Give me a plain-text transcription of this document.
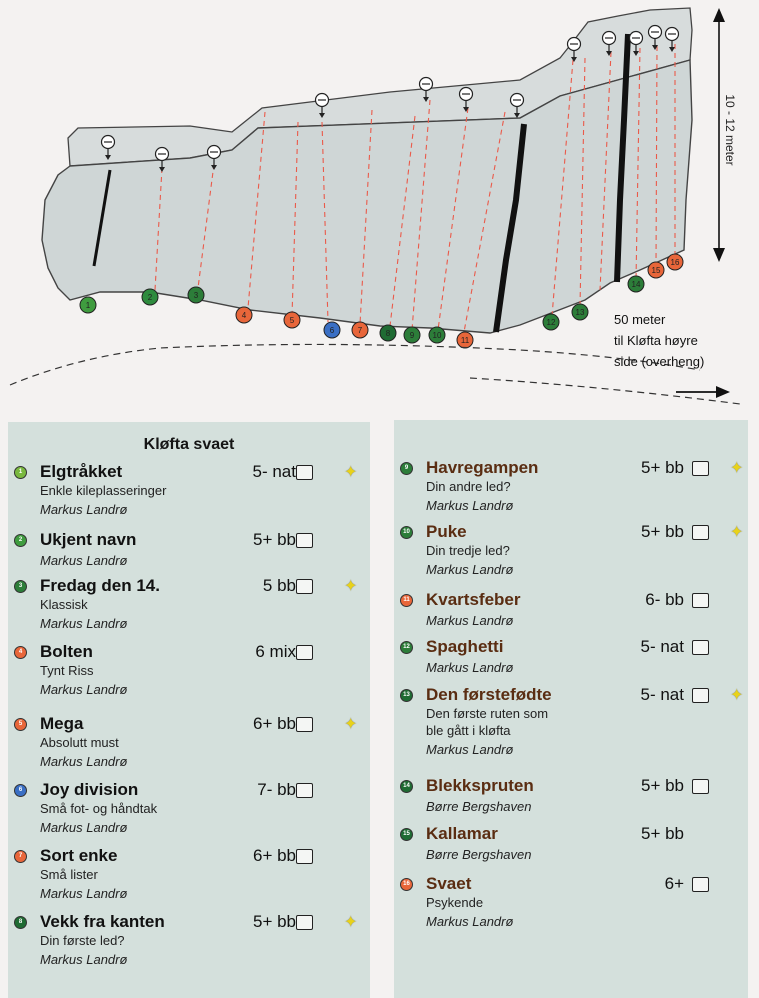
1
2	3
4
5
6	7	8 9 10
11
12
13
14
15
16
10 - 12 meter
50 meter
til Kløfta høyre
side (overheng)
Kløfta svaet
1 Elgtråkket	5- nat	✦
Enkle kileplasseringer
Markus Landrø
2 Ukjent navn	5+ bb
Markus Landrø
3 Fredag den 14.	5 bb	✦
Klassisk
Markus Landrø
4 Bolten	6 mix
Tynt Riss
Markus Landrø
5 Mega	6+ bb	✦
Absolutt must
Markus Landrø
6 Joy division	7- bb
Små fot- og håndtak
Markus Landrø
7 Sort enke	6+ bb
Små lister
Markus Landrø
8 Vekk fra kanten	5+ bb	✦
Din første led?
Markus Landrø
9 Havregampen	5+ bb	✦
Din andre led?
Markus Landrø
10 Puke	5+ bb	✦
Din tredje led?
Markus Landrø
11 Kvartsfeber	6- bb
Markus Landrø
12 Spaghetti	5- nat
Markus Landrø
13 Den førstefødte	5- nat	✦
Den første ruten som
ble gått i kløfta
Markus Landrø
14 Blekkspruten	5+ bb
Børre Bergshaven
15 Kallamar	5+ bb
Børre Bergshaven
16 Svaet	6+
Psykende
Markus Landrø
